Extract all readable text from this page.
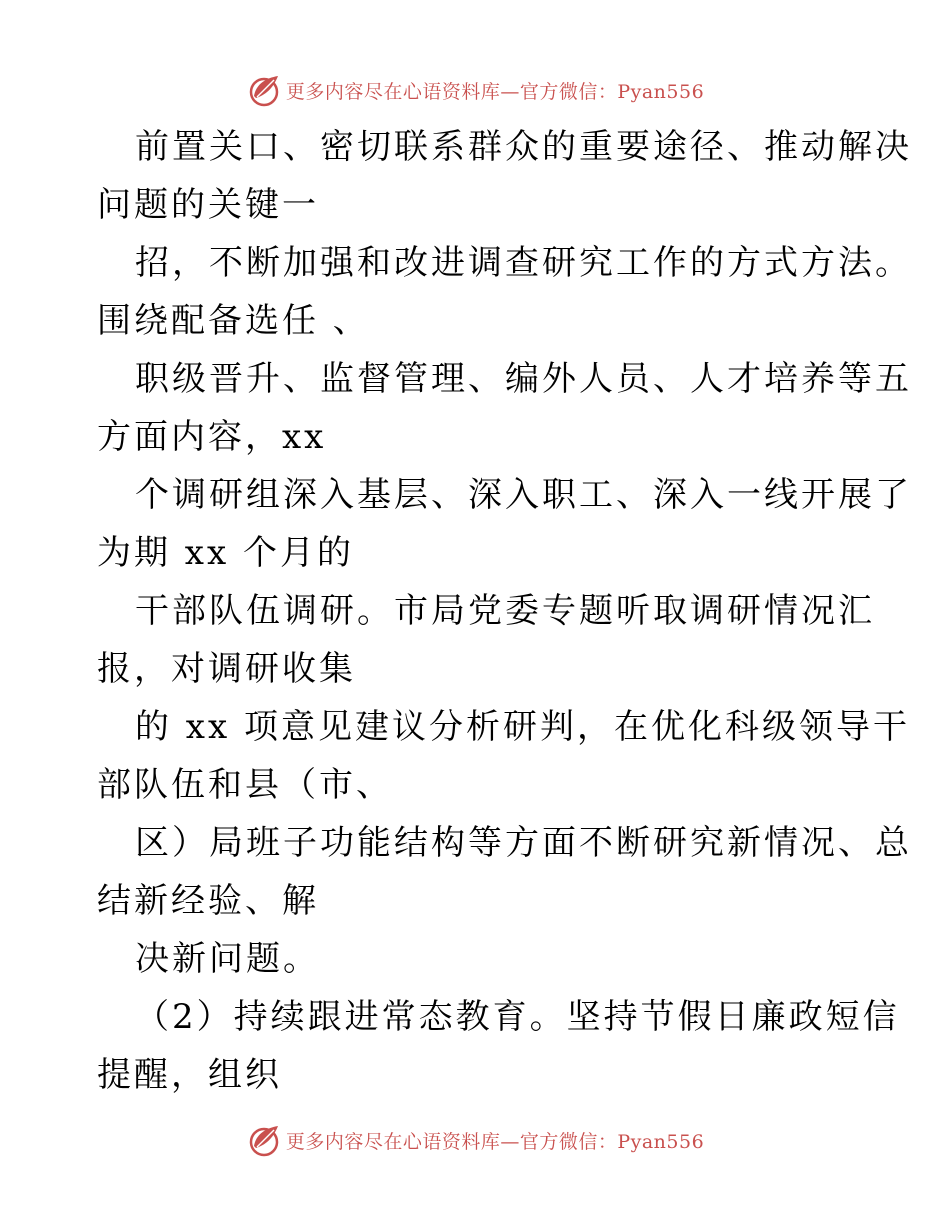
更多内容尽在心语资料库—官方微信：Pyan556
前置关口、密切联系群众的重要途径、推动解决
问题的关键一
招，不断加强和改进调查研究工作的方式方法。
围绕配备选任 、
职级晋升、监督管理、编外人员、人才培养等五
方面内容，xx
个调研组深入基层、深入职工、深入一线开展了
为期 xx 个月的
干部队伍调研。市局党委专题听取调研情况汇
报，对调研收集
的 xx 项意见建议分析研判，在优化科级领导干
部队伍和县（市、
区）局班子功能结构等方面不断研究新情况、总
结新经验、解
决新问题。
（2）持续跟进常态教育。坚持节假日廉政短信
提醒，组织
更多内容尽在心语资料库—官方微信：Pyan556
